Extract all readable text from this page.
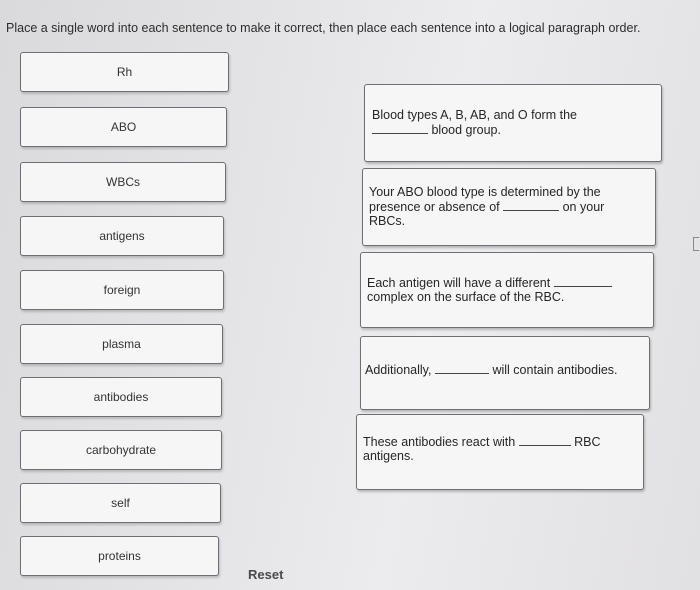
Place a single word into each sentence to make it correct, then place each sentence into a logical paragraph order.
Rh
ABO
WBCs
antigens
foreign
plasma
antibodies
carbohydrate
self
proteins
Blood types A, B, AB, and O form the
blood group.
Your ABO blood type is determined by the
presence or absence of	on your
RBCs.
Each antigen will have a different
complex on the surface of the RBC.
Additionally,	will contain antibodies.
These antibodies react with	RBC
antigens.
Reset
